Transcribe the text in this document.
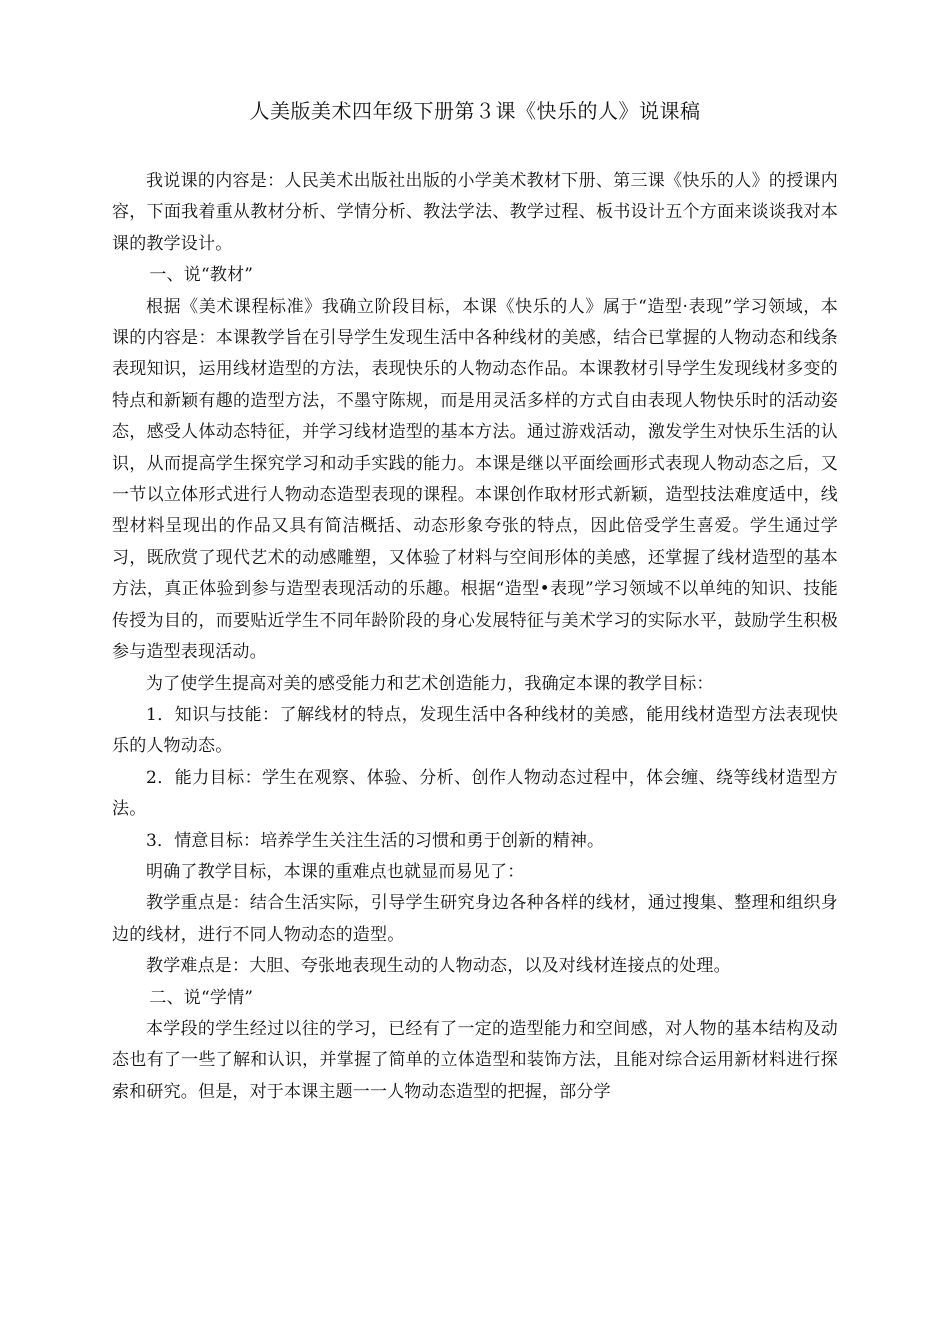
人美版美术四年级下册第３课《快乐的人》说课稿

我说课的内容是：人民美术出版社出版的小学美术教材下册、第三课《快乐的人》的授课内容，下面我着重从教材分析、学情分析、教法学法、教学过程、板书设计五个方面来谈谈我对本课的教学设计。

一、说“教材”

根据《美术课程标准》我确立阶段目标，本课《快乐的人》属于“造型·表现”学习领域，本课的内容是：本课教学旨在引导学生发现生活中各种线材的美感，结合已掌握的人物动态和线条表现知识，运用线材造型的方法，表现快乐的人物动态作品。本课教材引导学生发现线材多变的特点和新颖有趣的造型方法，不墨守陈规，而是用灵活多样的方式自由表现人物快乐时的活动姿态，感受人体动态特征，并学习线材造型的基本方法。通过游戏活动，激发学生对快乐生活的认识，从而提高学生探究学习和动手实践的能力。本课是继以平面绘画形式表现人物动态之后，又一节以立体形式进行人物动态造型表现的课程。本课创作取材形式新颖，造型技法难度适中，线型材料呈现出的作品又具有简洁概括、动态形象夸张的特点，因此倍受学生喜爱。学生通过学习，既欣赏了现代艺术的动感雕塑，又体验了材料与空间形体的美感，还掌握了线材造型的基本方法，真正体验到参与造型表现活动的乐趣。根据“造型•表现”学习领域不以单纯的知识、技能传授为目的，而要贴近学生不同年龄阶段的身心发展特征与美术学习的实际水平，鼓励学生积极参与造型表现活动。

为了使学生提高对美的感受能力和艺术创造能力，我确定本课的教学目标：

1．知识与技能：了解线材的特点，发现生活中各种线材的美感，能用线材造型方法表现快乐的人物动态。

2．能力目标：学生在观察、体验、分析、创作人物动态过程中，体会缠、绕等线材造型方法。

3．情意目标：培养学生关注生活的习惯和勇于创新的精神。

明确了教学目标，本课的重难点也就显而易见了：

教学重点是：结合生活实际，引导学生研究身边各种各样的线材，通过搜集、整理和组织身边的线材，进行不同人物动态的造型。

教学难点是：大胆、夸张地表现生动的人物动态，以及对线材连接点的处理。

二、说“学情”

本学段的学生经过以往的学习，已经有了一定的造型能力和空间感，对人物的基本结构及动态也有了一些了解和认识，并掌握了简单的立体造型和装饰方法，且能对综合运用新材料进行探索和研究。但是，对于本课主题一一人物动态造型的把握，部分学
